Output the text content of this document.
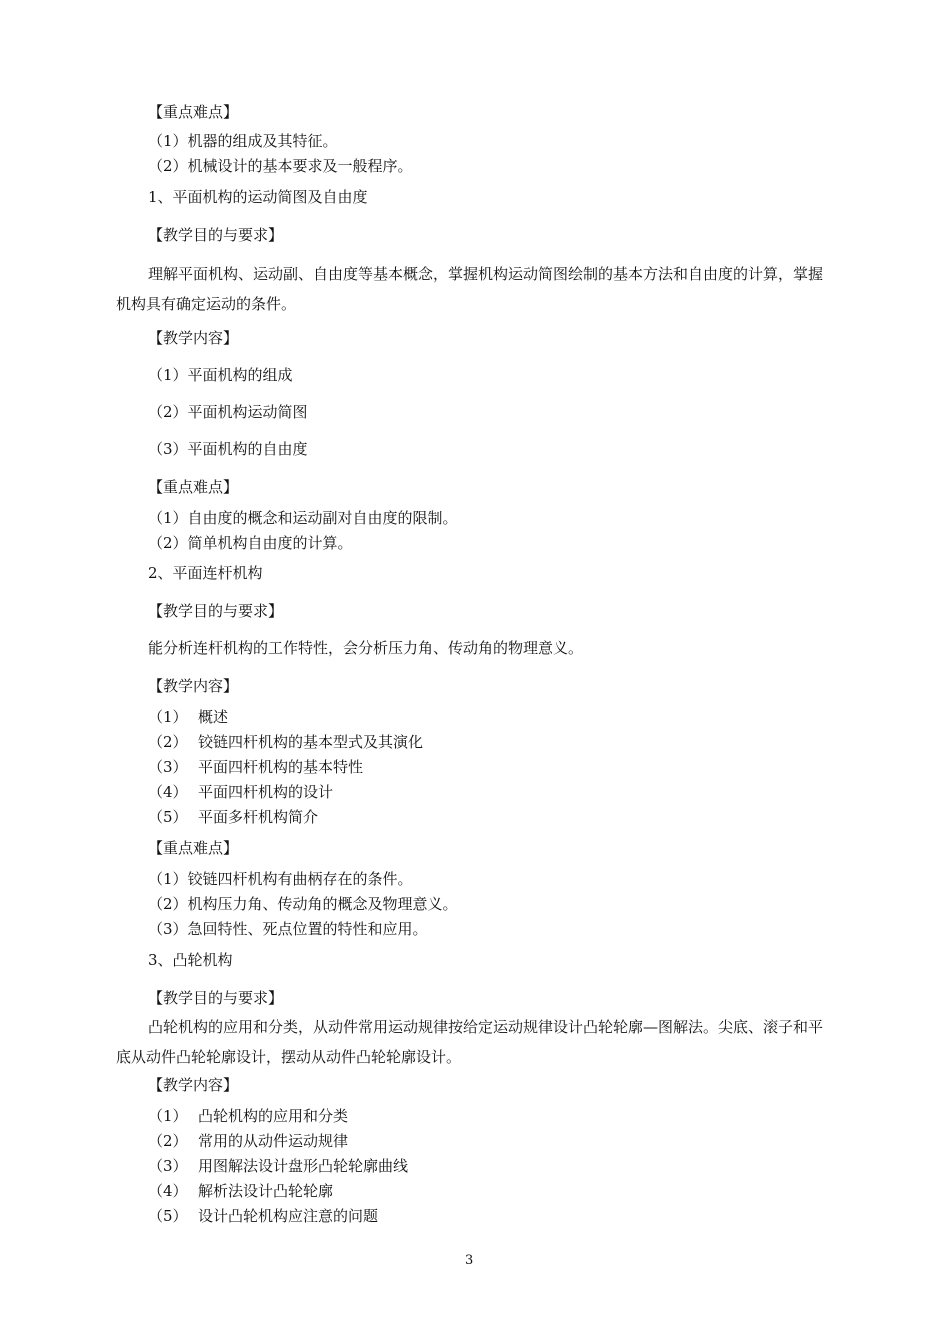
【重点难点】
（1）机器的组成及其特征。
（2）机械设计的基本要求及一般程序。
1、平面机构的运动简图及自由度
【教学目的与要求】
理解平面机构、运动副、自由度等基本概念，掌握机构运动简图绘制的基本方法和自由度的计算，掌握机构具有确定运动的条件。
【教学内容】
（1）平面机构的组成
（2）平面机构运动简图
（3）平面机构的自由度
【重点难点】
（1）自由度的概念和运动副对自由度的限制。
（2）简单机构自由度的计算。
2、平面连杆机构
【教学目的与要求】
能分析连杆机构的工作特性，会分析压力角、传动角的物理意义。
【教学内容】
（1） 概述
（2） 铰链四杆机构的基本型式及其演化
（3） 平面四杆机构的基本特性
（4） 平面四杆机构的设计
（5） 平面多杆机构简介
【重点难点】
（1）铰链四杆机构有曲柄存在的条件。
（2）机构压力角、传动角的概念及物理意义。
（3）急回特性、死点位置的特性和应用。
3、凸轮机构
【教学目的与要求】
凸轮机构的应用和分类，从动件常用运动规律按给定运动规律设计凸轮轮廓—图解法。尖底、滚子和平底从动件凸轮轮廓设计，摆动从动件凸轮轮廓设计。
【教学内容】
（1） 凸轮机构的应用和分类
（2） 常用的从动件运动规律
（3） 用图解法设计盘形凸轮轮廓曲线
（4） 解析法设计凸轮轮廓
（5） 设计凸轮机构应注意的问题
3
